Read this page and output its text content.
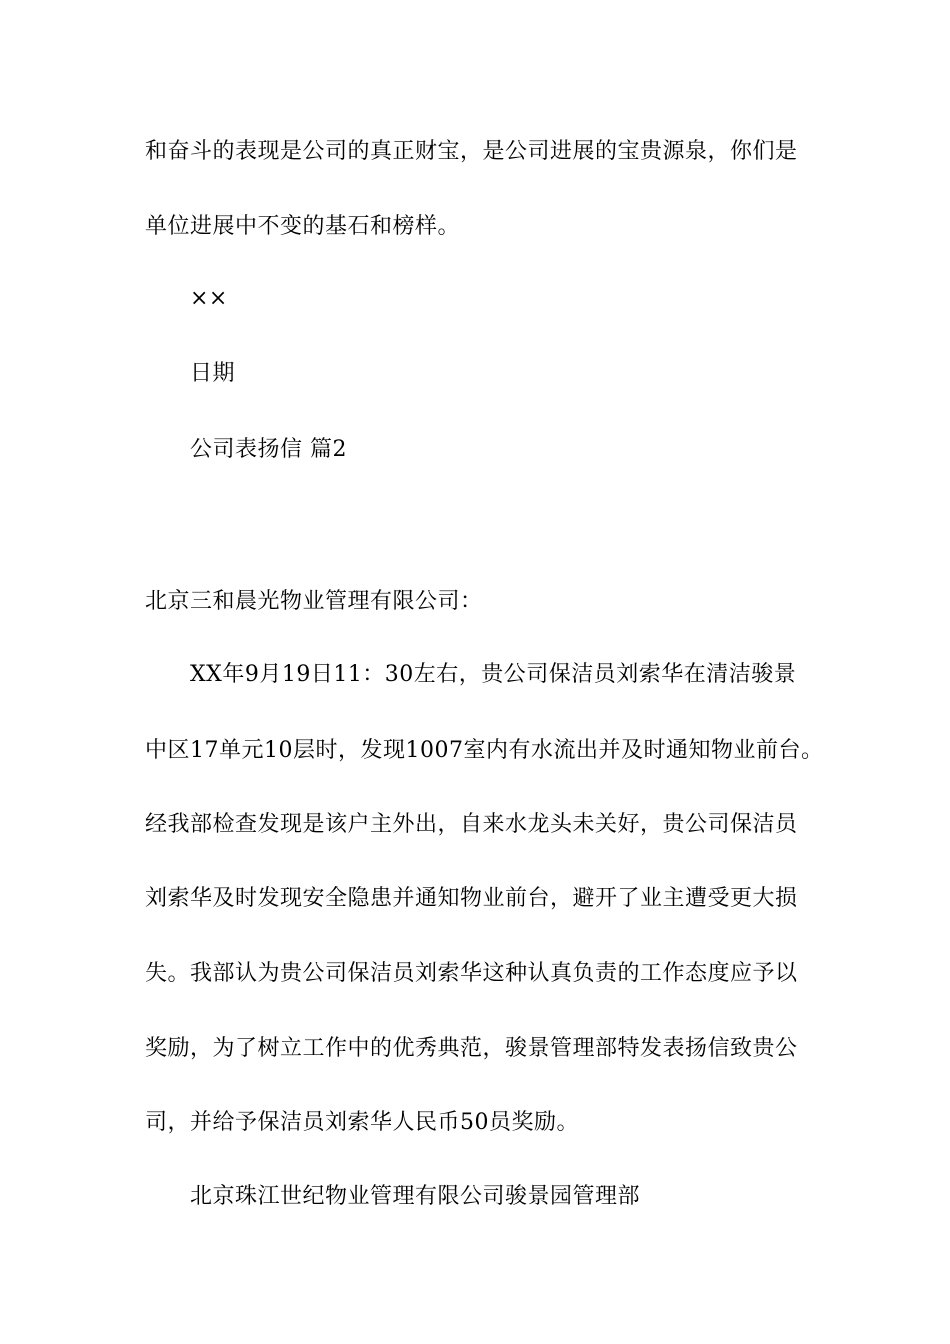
和奋斗的表现是公司的真正财宝，是公司进展的宝贵源泉，你们是
单位进展中不变的基石和榜样。
××
日期
公司表扬信 篇2
北京三和晨光物业管理有限公司：
XX年9月19日11：30左右，贵公司保洁员刘索华在清洁骏景
中区17单元10层时，发现1007室内有水流出并及时通知物业前台。
经我部检查发现是该户主外出，自来水龙头未关好，贵公司保洁员
刘索华及时发现安全隐患并通知物业前台，避开了业主遭受更大损
失。我部认为贵公司保洁员刘索华这种认真负责的工作态度应予以
奖励，为了树立工作中的优秀典范，骏景管理部特发表扬信致贵公
司，并给予保洁员刘索华人民币50员奖励。
北京珠江世纪物业管理有限公司骏景园管理部
